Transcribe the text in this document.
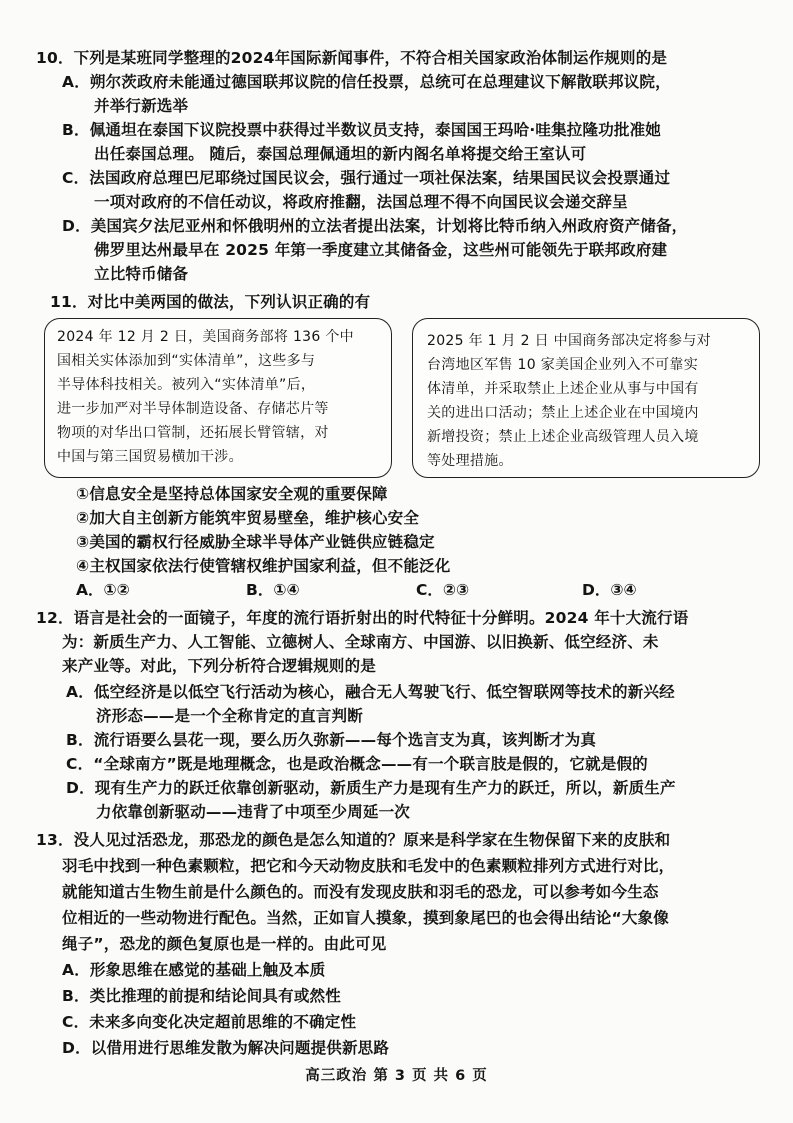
10．下列是某班同学整理的2024年国际新闻事件，不符合相关国家政治体制运作规则的是
A．朔尔茨政府未能通过德国联邦议院的信任投票，总统可在总理建议下解散联邦议院，
并举行新选举
B．佩通坦在泰国下议院投票中获得过半数议员支持，泰国国王玛哈·哇集拉隆功批准她
出任泰国总理。 随后，泰国总理佩通坦的新内阁名单将提交给王室认可
C．法国政府总理巴尼耶绕过国民议会，强行通过一项社保法案，结果国民议会投票通过
一项对政府的不信任动议，将政府推翻，法国总理不得不向国民议会递交辞呈
D．美国宾夕法尼亚州和怀俄明州的立法者提出法案，计划将比特币纳入州政府资产储备，
佛罗里达州最早在 2025 年第一季度建立其储备金，这些州可能领先于联邦政府建
立比特币储备
11．对比中美两国的做法，下列认识正确的有
2024 年 12 月 2 日，美国商务部将 136 个中
国相关实体添加到“实体清单”，这些多与
半导体科技相关。被列入“实体清单”后，
进一步加严对半导体制造设备、存储芯片等
物项的对华出口管制，还拓展长臂管辖，对
中国与第三国贸易横加干涉。
2025 年 1 月 2 日 中国商务部决定将参与对
台湾地区军售 10 家美国企业列入不可靠实
体清单，并采取禁止上述企业从事与中国有
关的进出口活动；禁止上述企业在中国境内
新增投资；禁止上述企业高级管理人员入境
等处理措施。
①信息安全是坚持总体国家安全观的重要保障
②加大自主创新方能筑牢贸易壁垒，维护核心安全
③美国的霸权行径威胁全球半导体产业链供应链稳定
④主权国家依法行使管辖权维护国家利益，但不能泛化
A．①②	B．①④	C．②③	D．③④
12．语言是社会的一面镜子，年度的流行语折射出的时代特征十分鲜明。2024 年十大流行语
为：新质生产力、人工智能、立德树人、全球南方、中国游、以旧换新、低空经济、未
来产业等。对此，下列分析符合逻辑规则的是
A．低空经济是以低空飞行活动为核心，融合无人驾驶飞行、低空智联网等技术的新兴经
济形态——是一个全称肯定的直言判断
B．流行语要么昙花一现，要么历久弥新——每个选言支为真，该判断才为真
C．“全球南方”既是地理概念，也是政治概念——有一个联言肢是假的，它就是假的
D．现有生产力的跃迁依靠创新驱动，新质生产力是现有生产力的跃迁，所以，新质生产
力依靠创新驱动——违背了中项至少周延一次
13．没人见过活恐龙，那恐龙的颜色是怎么知道的？原来是科学家在生物保留下来的皮肤和
羽毛中找到一种色素颗粒，把它和今天动物皮肤和毛发中的色素颗粒排列方式进行对比，
就能知道古生物生前是什么颜色的。而没有发现皮肤和羽毛的恐龙，可以参考如今生态
位相近的一些动物进行配色。当然，正如盲人摸象，摸到象尾巴的也会得出结论“大象像
绳子”，恐龙的颜色复原也是一样的。由此可见
A．形象思维在感觉的基础上触及本质
B．类比推理的前提和结论间具有或然性
C．未来多向变化决定超前思维的不确定性
D．以借用进行思维发散为解决问题提供新思路
高三政治 第 3 页 共 6 页
